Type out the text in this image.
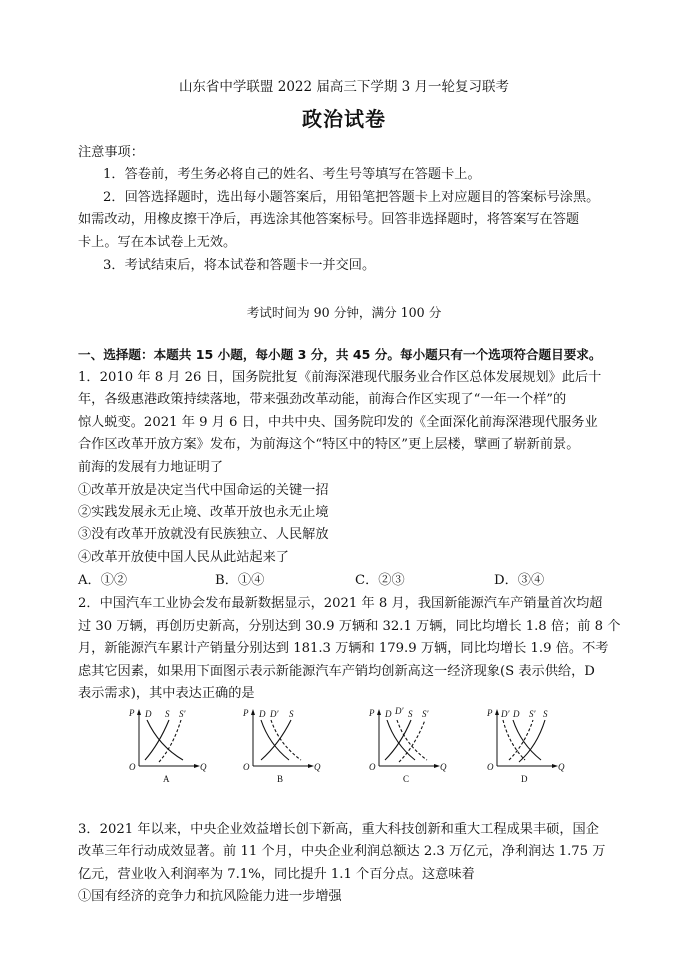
山东省中学联盟 2022 届高三下学期 3 月一轮复习联考
政治试卷
注意事项：
1．答卷前，考生务必将自己的姓名、考生号等填写在答题卡上。
2．回答选择题时，选出每小题答案后，用铅笔把答题卡上对应题目的答案标号涂黑。
如需改动，用橡皮擦干净后，再选涂其他答案标号。回答非选择题时，将答案写在答题
卡上。写在本试卷上无效。
3．考试结束后，将本试卷和答题卡一并交回。
考试时间为 90 分钟，满分 100 分
一、选择题：本题共 15 小题，每小题 3 分，共 45 分。每小题只有一个选项符合题目要求。
1．2010 年 8 月 26 日，国务院批复《前海深港现代服务业合作区总体发展规划》此后十
年，各级惠港政策持续落地，带来强劲改革动能，前海合作区实现了“一年一个样”的
惊人蜕变。2021 年 9 月 6 日，中共中央、国务院印发的《全面深化前海深港现代服务业
合作区改革开放方案》发布，为前海这个“特区中的特区”更上层楼，擘画了崭新前景。
前海的发展有力地证明了
①改革开放是决定当代中国命运的关键一招
②实践发展永无止境、改革开放也永无止境
③没有改革开放就没有民族独立、人民解放
④改革开放使中国人民从此站起来了
A．①②	B．①④	C．②③	D．③④
2．中国汽车工业协会发布最新数据显示，2021 年 8 月，我国新能源汽车产销量首次均超
过 30 万辆，再创历史新高，分别达到 30.9 万辆和 32.1 万辆，同比均增长 1.8 倍；前 8 个
月，新能源汽车累计产销量分别达到 181.3 万辆和 179.9 万辆，同比均增长 1.9 倍。不考
虑其它因素，如果用下面图示表示新能源汽车产销均创新高这一经济现象(S 表示供给，D
表示需求)，其中表达正确的是
P D S S′
O	Q
A
P D D′ S
O	Q
B
P D D′ S S′
O	Q
C
P D′ D S′ S
O	Q
D
3．2021 年以来，中央企业效益增长创下新高，重大科技创新和重大工程成果丰硕，国企
改革三年行动成效显著。前 11 个月，中央企业利润总额达 2.3 万亿元，净利润达 1.75 万
亿元，营业收入利润率为 7.1%，同比提升 1.1 个百分点。这意味着
①国有经济的竞争力和抗风险能力进一步增强
